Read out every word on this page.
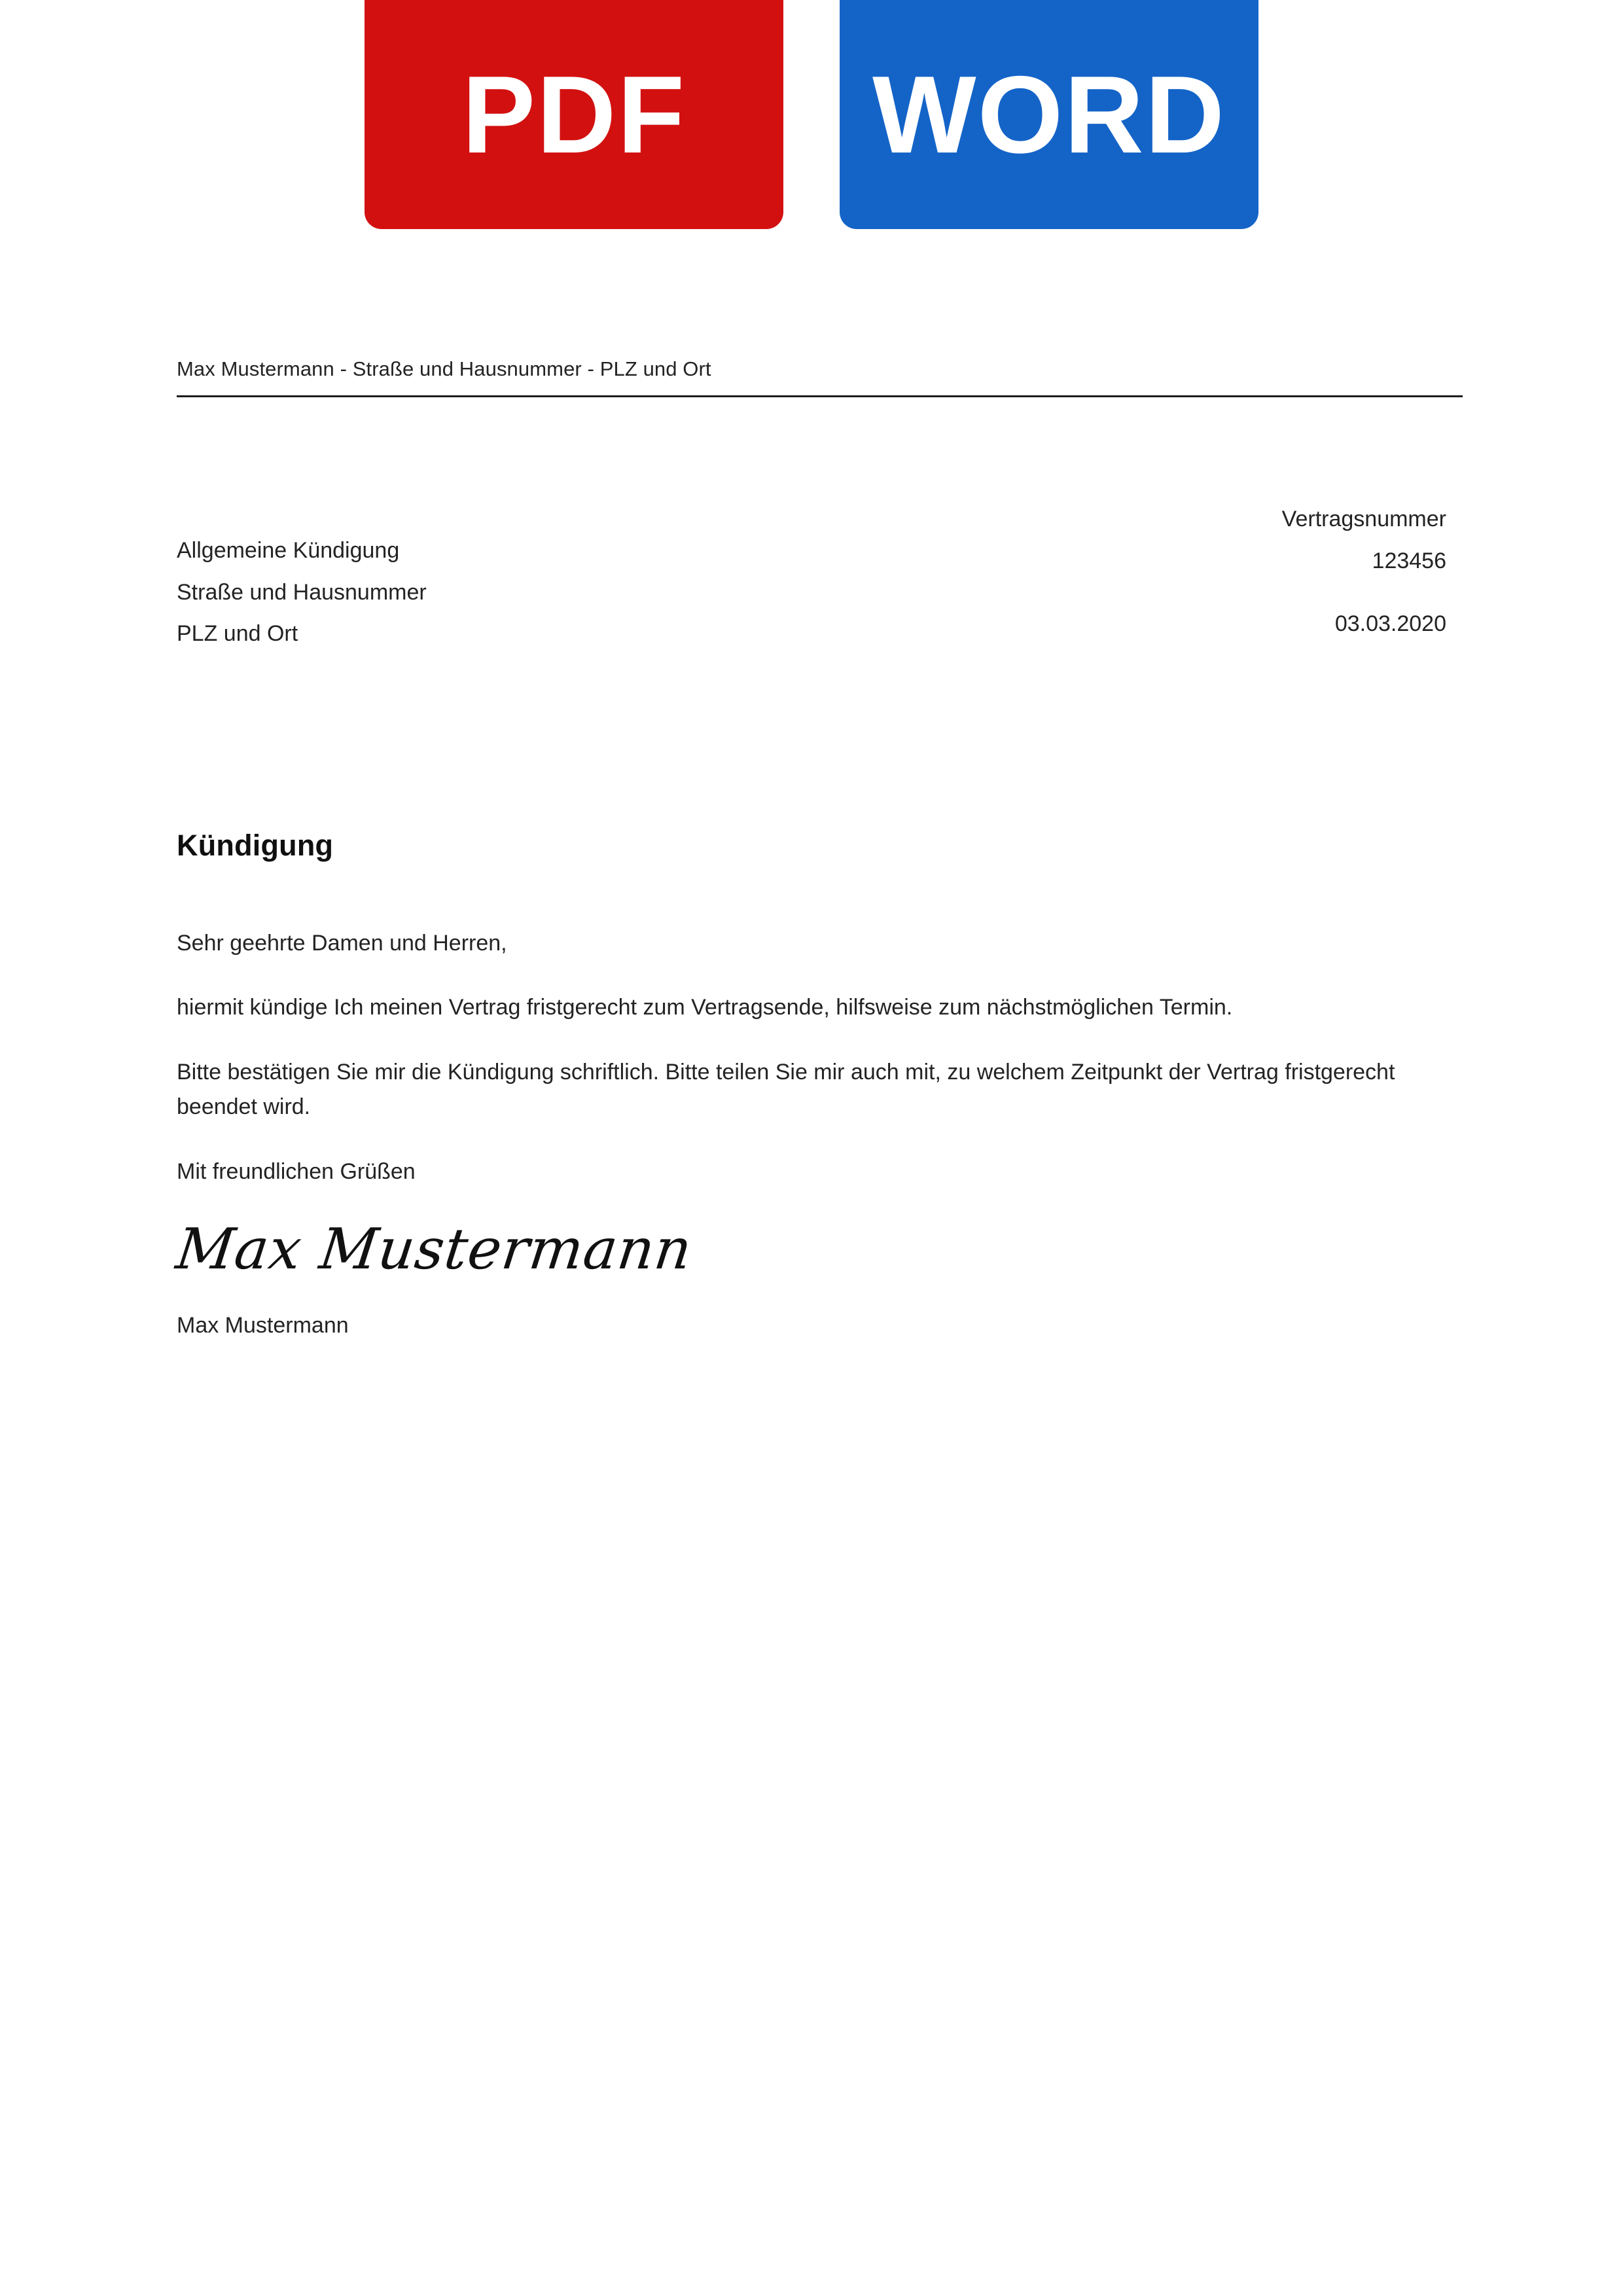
PDF WORD
Max Mustermann - Straße und Hausnummer - PLZ und Ort
Allgemeine Kündigung
Straße und Hausnummer
PLZ und Ort
Vertragsnummer
123456
03.03.2020
Kündigung

Sehr geehrte Damen und Herren,

hiermit kündige Ich meinen Vertrag fristgerecht zum Vertragsende, hilfsweise zum nächstmöglichen Termin.

Bitte bestätigen Sie mir die Kündigung schriftlich. Bitte teilen Sie mir auch mit, zu welchem Zeitpunkt der Vertrag fristgerecht beendet wird.

Mit freundlichen Grüßen

Max Mustermann
Max Mustermann
